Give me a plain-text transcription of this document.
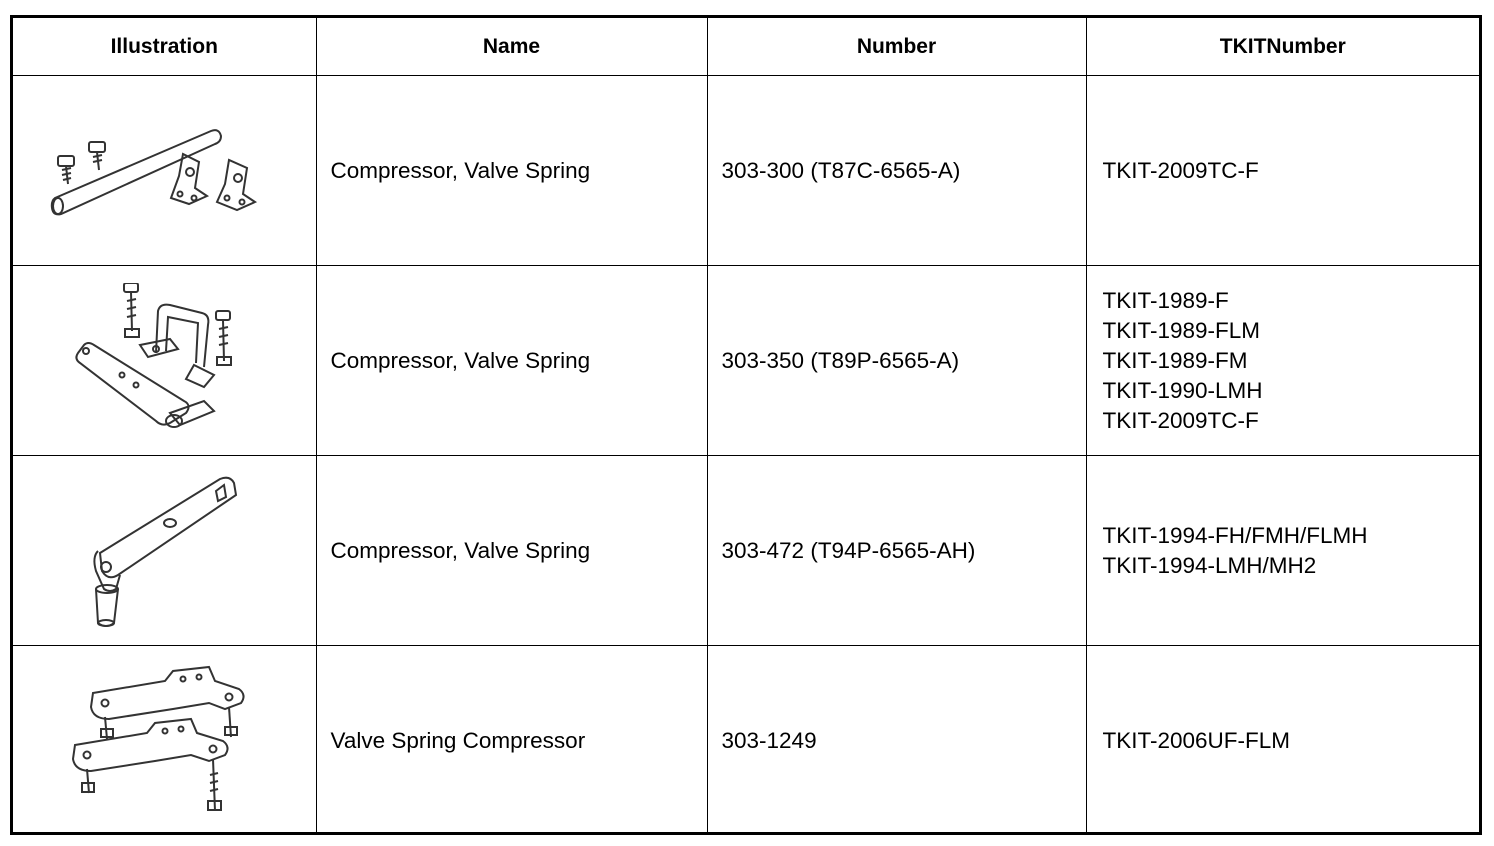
Illustration	Name	Number	TKITNumber

	Compressor, Valve Spring	303-300 (T87C-6565-A)	TKIT-2009TC-F

	Compressor, Valve Spring	303-350 (T89P-6565-A)	TKIT-1989-F
TKIT-1989-FLM
TKIT-1989-FM
TKIT-1990-LMH
TKIT-2009TC-F

	Compressor, Valve Spring	303-472 (T94P-6565-AH)	TKIT-1994-FH/FMH/FLMH
TKIT-1994-LMH/MH2

	Valve Spring Compressor	303-1249	TKIT-2006UF-FLM
